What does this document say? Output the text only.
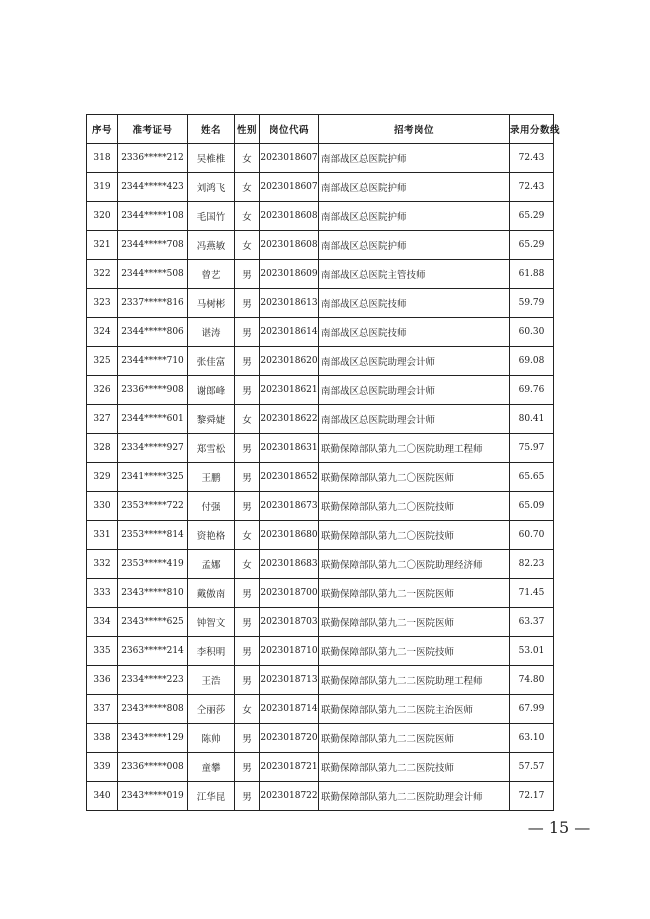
序号	准考证号	姓名	性别	岗位代码	招考岗位	录用分数线
318	2336*****212	吴椎椎	女	2023018607	南部战区总医院护师	72.43
319	2344*****423	刘鸿飞	女	2023018607	南部战区总医院护师	72.43
320	2344*****108	毛国竹	女	2023018608	南部战区总医院护师	65.29
321	2344*****708	冯燕敏	女	2023018608	南部战区总医院护师	65.29
322	2344*****508	曾艺	男	2023018609	南部战区总医院主管技师	61.88
323	2337*****816	马树彬	男	2023018613	南部战区总医院技师	59.79
324	2344*****806	谌涛	男	2023018614	南部战区总医院技师	60.30
325	2344*****710	张佳富	男	2023018620	南部战区总医院助理会计师	69.08
326	2336*****908	谢郎峰	男	2023018621	南部战区总医院助理会计师	69.76
327	2344*****601	黎舜婕	女	2023018622	南部战区总医院助理会计师	80.41
328	2334*****927	郑雪松	男	2023018631	联勤保障部队第九二〇医院助理工程师	75.97
329	2341*****325	王鹏	男	2023018652	联勤保障部队第九二〇医院医师	65.65
330	2353*****722	付强	男	2023018673	联勤保障部队第九二〇医院技师	65.09
331	2353*****814	资艳格	女	2023018680	联勤保障部队第九二〇医院技师	60.70
332	2353*****419	孟娜	女	2023018683	联勤保障部队第九二〇医院助理经济师	82.23
333	2343*****810	戴傲南	男	2023018700	联勤保障部队第九二一医院医师	71.45
334	2343*****625	钟智文	男	2023018703	联勤保障部队第九二一医院医师	63.37
335	2363*****214	李积明	男	2023018710	联勤保障部队第九二一医院技师	53.01
336	2334*****223	王浩	男	2023018713	联勤保障部队第九二二医院助理工程师	74.80
337	2343*****808	仝丽莎	女	2023018714	联勤保障部队第九二二医院主治医师	67.99
338	2343*****129	陈帅	男	2023018720	联勤保障部队第九二二医院医师	63.10
339	2336*****008	童攀	男	2023018721	联勤保障部队第九二二医院技师	57.57
340	2343*****019	江华昆	男	2023018722	联勤保障部队第九二二医院助理会计师	72.17
— 15 —
